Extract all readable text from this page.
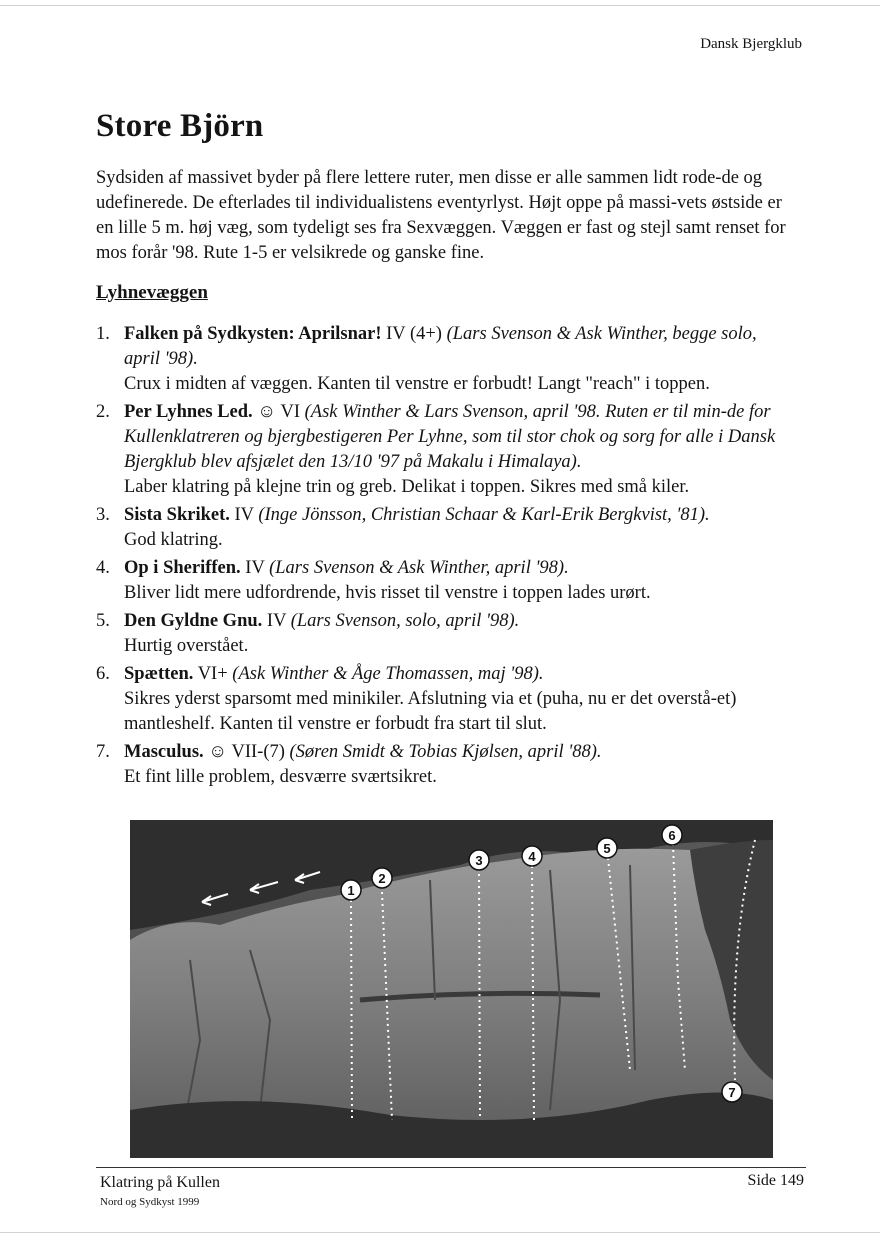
Dansk Bjergklub
Store Björn

Sydsiden af massivet byder på flere lettere ruter, men disse er alle sammen lidt rode-de og udefinerede. De efterlades til individualistens eventyrlyst. Højt oppe på massi-vets østside er en lille 5 m. høj væg, som tydeligt ses fra Sexvæggen. Væggen er fast og stejl samt renset for mos forår '98. Rute 1-5 er velsikrede og ganske fine.

Lyhnevæggen
1. Falken på Sydkysten: Aprilsnar! IV (4+) (Lars Svenson & Ask Winther, begge solo, april '98).
Crux i midten af væggen. Kanten til venstre er forbudt! Langt "reach" i toppen.
2. Per Lyhnes Led. ☺ VI (Ask Winther & Lars Svenson, april '98. Ruten er til min-de for Kullenklatreren og bjergbestigeren Per Lyhne, som til stor chok og sorg for alle i Dansk Bjergklub blev afsjælet den 13/10 '97 på Makalu i Himalaya).
Laber klatring på klejne trin og greb. Delikat i toppen. Sikres med små kiler.
3. Sista Skriket. IV (Inge Jönsson, Christian Schaar & Karl-Erik Bergkvist, '81).
God klatring.
4. Op i Sheriffen. IV (Lars Svenson & Ask Winther, april '98).
Bliver lidt mere udfordrende, hvis risset til venstre i toppen lades urørt.
5. Den Gyldne Gnu. IV (Lars Svenson, solo, april '98).
Hurtig overstået.
6. Spætten. VI+ (Ask Winther & Åge Thomassen, maj '98).
Sikres yderst sparsomt med minikiler. Afslutning via et (puha, nu er det overstå-et) mantleshelf. Kanten til venstre er forbudt fra start til slut.
7. Masculus. ☺ VII-(7) (Søren Smidt & Tobias Kjølsen, april '88).
Et fint lille problem, desværre sværtsikret.
1
2
3	4
5
6
7
Klatring på Kullen
Nord og Sydkyst 1999
Side 149
